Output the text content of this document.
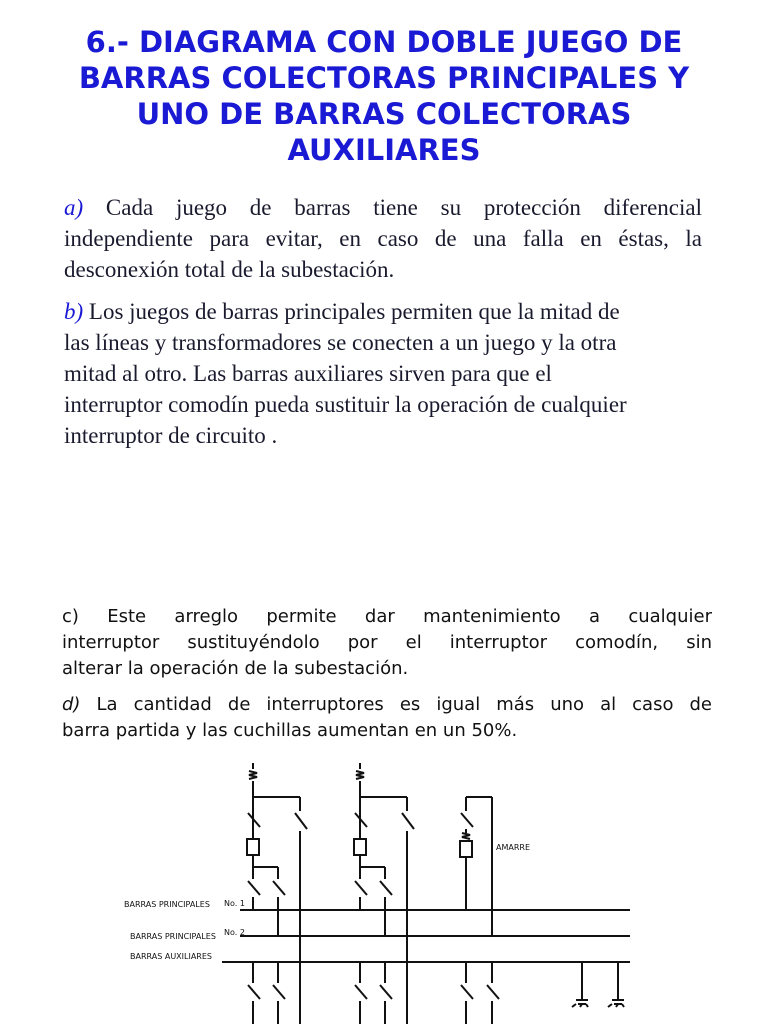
6.- DIAGRAMA CON DOBLE JUEGO DE
BARRAS COLECTORAS PRINCIPALES Y
UNO DE BARRAS COLECTORAS
AUXILIARES
a) Cada juego de barras tiene su protección diferencial
independiente para evitar, en caso de una falla en éstas, la
desconexión total de la subestación.
b) Los juegos de barras principales permiten que la mitad de
las líneas y transformadores se conecten a un juego y la otra
mitad al otro. Las barras auxiliares sirven para que el
interruptor comodín pueda sustituir la operación de cualquier
interruptor de circuito .
c) Este arreglo permite dar mantenimiento a cualquier
interruptor sustituyéndolo por el interruptor comodín, sin
alterar la operación de la subestación.
d) La cantidad de interruptores es igual más uno al caso de
barra partida y las cuchillas aumentan en un 50%.
BARRAS PRINCIPALES No. 1
BARRAS PRINCIPALES No. 2
BARRAS AUXILIARES
AMARRE
